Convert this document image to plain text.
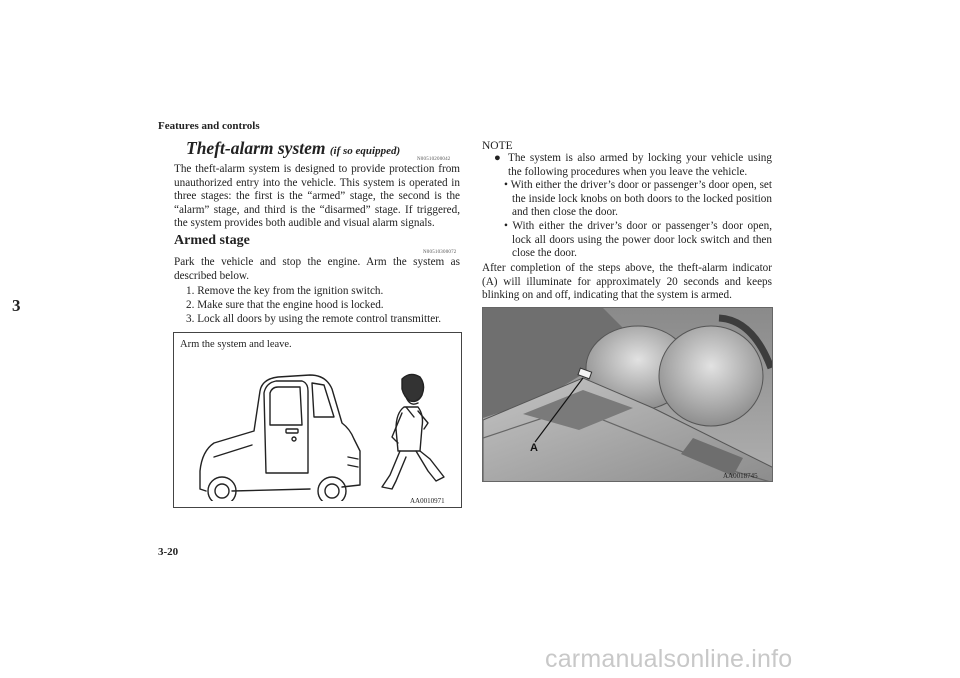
Features and controls
3
Theft-alarm system (if so equipped)
N00510200042
The theft-alarm system is designed to provide protection from unauthorized entry into the vehicle. This system is operated in three stages: the first is the “armed” stage, the second is the “alarm” stage, and third is the “disarmed” stage. If triggered, the system provides both audible and visual alarm signals.
Armed stage
N00510300072
Park the vehicle and stop the engine. Arm the system as described below.
1. Remove the key from the ignition switch.
2. Make sure that the engine hood is locked.
3. Lock all doors by using the remote control transmitter.
Arm the system and leave.
AA0010971
NOTE
● The system is also armed by locking your vehicle using the following procedures when you leave the vehicle.
• With either the driver’s door or passenger’s door open, set the inside lock knobs on both doors to the locked position and then close the door.
• With either the driver’s door or passenger’s door open, lock all doors using the power door lock switch and then close the door.
After completion of the steps above, the theft-alarm indicator (A) will illuminate for approximately 20 seconds and keeps blinking on and off, indicating that the system is armed.
A
AA0018745
3-20
carmanualsonline.info
